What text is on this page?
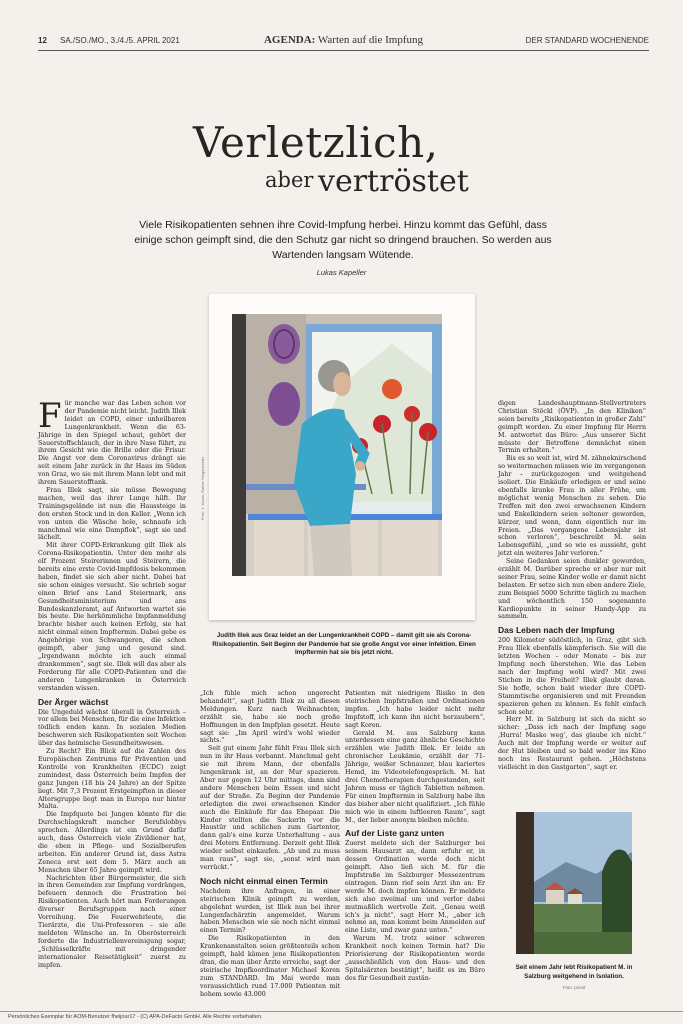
12 SA./SO./MO., 3./4./5. APRIL 2021	AGENDA: Warten auf die Impfung	DER STANDARD WOCHENENDE
Verletzlich,
aber vertröstet
Viele Risikopatienten sehnen ihre Covid-Impfung herbei. Hinzu kommt das Gefühl, dass einige schon geimpft sind, die den Schutz gar nicht so dringend brauchen. So werden aus Wartenden langsam Wütende.
Lukas Kapeller
Foto: J. Kuum, Rainer Wegscheider
Judith Illek aus Graz leidet an der Lungenkrankheit COPD – damit gilt sie als Corona-Risikopatientin. Seit Beginn der Pandemie hat sie große Angst vor einer Infektion. Einen Impftermin hat sie bis jetzt nicht.

Für manche war das Leben schon vor der Pandemie nicht leicht. Judith Illek leidet an COPD, einer unheilbaren Lungenkrankheit. Wenn die 63-Jährige in den Spiegel schaut, gehört der Sauerstoffschlauch, der in ihre Nase führt, zu ihrem Gesicht wie die Brille oder die Frisur. Die Angst vor dem Coronavirus drängt sie seit einem Jahr zurück in ihr Haus im Süden von Graz, wo sie mit ihrem Mann lebt und mit ihrem Sauerstofftank.

Frau Illek sagt, sie müsse Bewegung machen, weil das ihrer Lunge hilft. Ihr Trainingsgelände ist nun die Haussteige in den ersten Stock und in den Keller. „Wenn ich von unten die Wäsche hole, schnaufe ich manchmal wie eine Dampflok“, sagt sie und lächelt.

Mit ihrer COPD-Erkrankung gilt Illek als Corona-Risikopatientin. Unter den mehr als elf Prozent Steirerinnen und Steirern, die bereits eine erste Covid-Impfdosis bekommen haben, findet sie sich aber nicht. Dabei hat sie schon einiges versucht. Sie schrieb sogar einen Brief ans Land Steiermark, ans Gesundheitsministerium und ans Bundeskanzleramt, auf Antworten wartet sie bis heute. Die herkömmliche Impfanmeldung brachte bisher auch keinen Erfolg, sie hat nicht einmal einen Impftermin. Dabei gebe es Angehörige von Schwangeren, die schon geimpft, aber jung und gesund sind. „Irgendwann möchte ich auch einmal drankommen“, sagt sie. Illek will das aber als Forderung für alle COPD-Patienten und die anderen Lungenkranken in Österreich verstanden wissen.

Der Ärger wächst

Die Ungeduld wächst überall in Österreich – vor allem bei Menschen, für die eine Infektion tödlich enden kann. In sozialen Medien beschweren sich Risikopatienten seit Wochen über das heimische Gesundheitswesen.

Zu Recht? Ein Blick auf die Zahlen des Europäischen Zentrums für Prävention und Kontrolle von Krankheiten (ECDC) zeigt zumindest, dass Österreich beim Impfen der ganz Jungen (18 bis 24 Jahre) an der Spitze liegt. Mit 7,3 Prozent Erstgeimpften in dieser Altersgruppe liegt man in Europa nur hinter Malta.

Die Impfquote bei Jungen könnte für die Durchschlagskraft mancher Berufslobbys sprechen. Allerdings ist ein Grund dafür auch, dass Österreich viele Zivildiener hat, die eben in Pflege- und Sozialberufen arbeiten. Ein anderer Grund ist, dass Astra Zeneca erst seit dem 5. März auch an Menschen über 65 Jahre geimpft wird.

Nachrichten über Bürgermeister, die sich in ihren Gemeinden zur Impfung vordrängen, befeuern dennoch die Frustration bei Risikopatienten. Auch hört man Forderungen diverser Berufsgruppen nach einer Vorreihung. Die Feuerwehrleute, die Tierärzte, die Uni-Professoren – sie alle meldeten Wünsche an. In Oberösterreich forderte die Industriellenvereinigung sogar, „Schlüsselkräfte mit dringender internationaler Reisetätigkeit“ zuerst zu impfen.

„Ich fühle mich schon ungerecht behandelt“, sagt Judith Illek zu all diesen Meldungen. Kurz nach Weihnachten, erzählt sie, habe sie noch große Hoffnungen in den Impfplan gesetzt. Heute sagt sie: „Im April wird's wohl wieder nichts.“

Seit gut einem Jahr fühlt Frau Illek sich nun in ihr Haus verbannt. Manchmal geht sie mit ihrem Mann, der ebenfalls lungenkrank ist, an der Mur spazieren. Aber nur gegen 12 Uhr mittags, dann sind andere Menschen beim Essen und nicht auf der Straße. Zu Beginn der Pandemie erledigten die zwei erwachsenen Kinder auch die Einkäufe für das Ehepaar. Die Kinder stellten die Sackerln vor die Haustür und schlichen zum Gartentor, dann gab's eine kurze Unterhaltung – aus drei Metern Entfernung. Derzeit geht Illek wieder selbst einkaufen. „Ab und zu muss man raus“, sagt sie, „sonst wird man verrückt.“

Noch nicht einmal einen Termin

Nachdem ihre Anfragen, in einer steirischen Klinik geimpft zu werden, abgelehnt wurden, ist Illek nun bei ihrer Lungenfachärztin angemeldet. Warum haben Menschen wie sie noch nicht einmal einen Termin?

Die Risikopatienten in den Krankenanstalten seien größtenteils schon geimpft, bald kämen jene Risikopatienten dran, die man über Ärzte erreiche, sagt der steirische Impfkoordinator Michael Koren zum STANDARD. Im Mai werde man voraussichtlich rund 17.000 Patienten mit hohem sowie 43.000

Patienten mit niedrigem Risiko in den steirischen Impfstraßen und Ordinationen impfen. „Ich habe leider nicht mehr Impfstoff, ich kann ihn nicht herzaubern“, sagt Koren.

Gerald M. aus Salzburg kann unterdessen eine ganz ähnliche Geschichte erzählen wie Judith Illek. Er leide an chronischer Leukämie, erzählt der 71-Jährige, weißer Schnauzer, blau kariertes Hemd, im Videotelefongespräch. M. hat drei Chemotherapien durchgestanden, seit Jahren muss er täglich Tabletten nehmen. Für einen Impftermin in Salzburg habe ihn das bisher aber nicht qualifiziert. „Ich fühle mich wie in einem luftleeren Raum“, sagt M., der lieber anonym bleiben möchte.

Auf der Liste ganz unten

Zuerst meldete sich der Salzburger bei seinem Hausarzt an, dann erfuhr er, in dessen Ordination werde doch nicht geimpft. Also ließ sich M. für die Impfstraße im Salzburger Messezentrum eintragen. Dann rief sein Arzt ihn an: Er werde M. doch impfen können. Er meldete sich also zweimal um und verlor dabei mutmaßlich wertvolle Zeit. „Genau weiß ich's ja nicht“, sagt Herr M., „aber ich nehme an, man kommt beim Anmelden auf eine Liste, und zwar ganz unten.“

Warum M. trotz seiner schweren Krankheit noch keinen Termin hat? Die Priorisierung der Risikopatienten werde „ausschließlich von den Haus- und den Spitalsärzten bestätigt“, heißt es im Büro des für Gesundheit zustän-

digen Landeshauptmann-Stellvertreters Christian Stöckl (ÖVP). „In den Kliniken“ seien bereits „Risikopatienten in großer Zahl“ geimpft worden. Zu einer Impfung für Herrn M. antwortet das Büro: „Aus unserer Sicht müsste der Betroffene demnächst einen Termin erhalten.“

Bis es so weit ist, wird M. zähneknirschend so weitermachen müssen wie im vergangenen Jahr – zurückgezogen und weitgehend isoliert. Die Einkäufe erledigen er und seine ebenfalls kranke Frau in aller Frühe, um möglichst wenig Menschen zu sehen. Die Treffen mit den zwei erwachsenen Kindern und Enkelkindern seien seltener geworden, kürzer, und wenn, dann eigentlich nur im Freien. „Das vergangene Lebensjahr ist schon verloren“, beschreibt M. sein Lebensgefühl, „und so wie es aussieht, geht jetzt ein weiteres Jahr verloren.“

Seine Gedanken seien dunkler geworden, erzählt M. Darüber spreche er aber nur mit seiner Frau, seine Kinder wolle er damit nicht belasten. Er setze sich nun eben andere Ziele, zum Beispiel 5000 Schritte täglich zu machen und wöchentlich 150 sogenannte Kardiopunkte in seiner Handy-App zu sammeln.

Das Leben nach der Impfung

200 Kilometer südöstlich, in Graz, gibt sich Frau Illek ebenfalls kämpferisch. Sie will die letzten Wochen – oder Monate – bis zur Impfung noch überstehen. Wie das Leben nach der Impfung wohl wird? Mit zwei Stichen in die Freiheit? Illek glaubt daran. Sie hoffe, schon bald wieder ihre COPD-Stammtische organisieren und mit Freunden spazieren gehen zu können. Es fehlt einfach schon sehr.

Herr M. in Salzburg ist sich da nicht so sicher: „Dass ich nach der Impfung sage ‚Hurra! Maske weg‘, das glaube ich nicht.“ Auch mit der Impfung werde er weiter auf der Hut bleiben und so bald weder ins Kino noch ins Restaurant gehen. „Höchstens vielleicht in den Gastgarten“, sagt er.

Seit einem Jahr lebt Risikopatient M. in Salzburg weitgehend in Isolation.
Foto: privat
Persönliches Exemplar für AOM-Benutzer fheijour17 - (C) APA-DeFacto GmbH. Alle Rechte vorbehalten.
